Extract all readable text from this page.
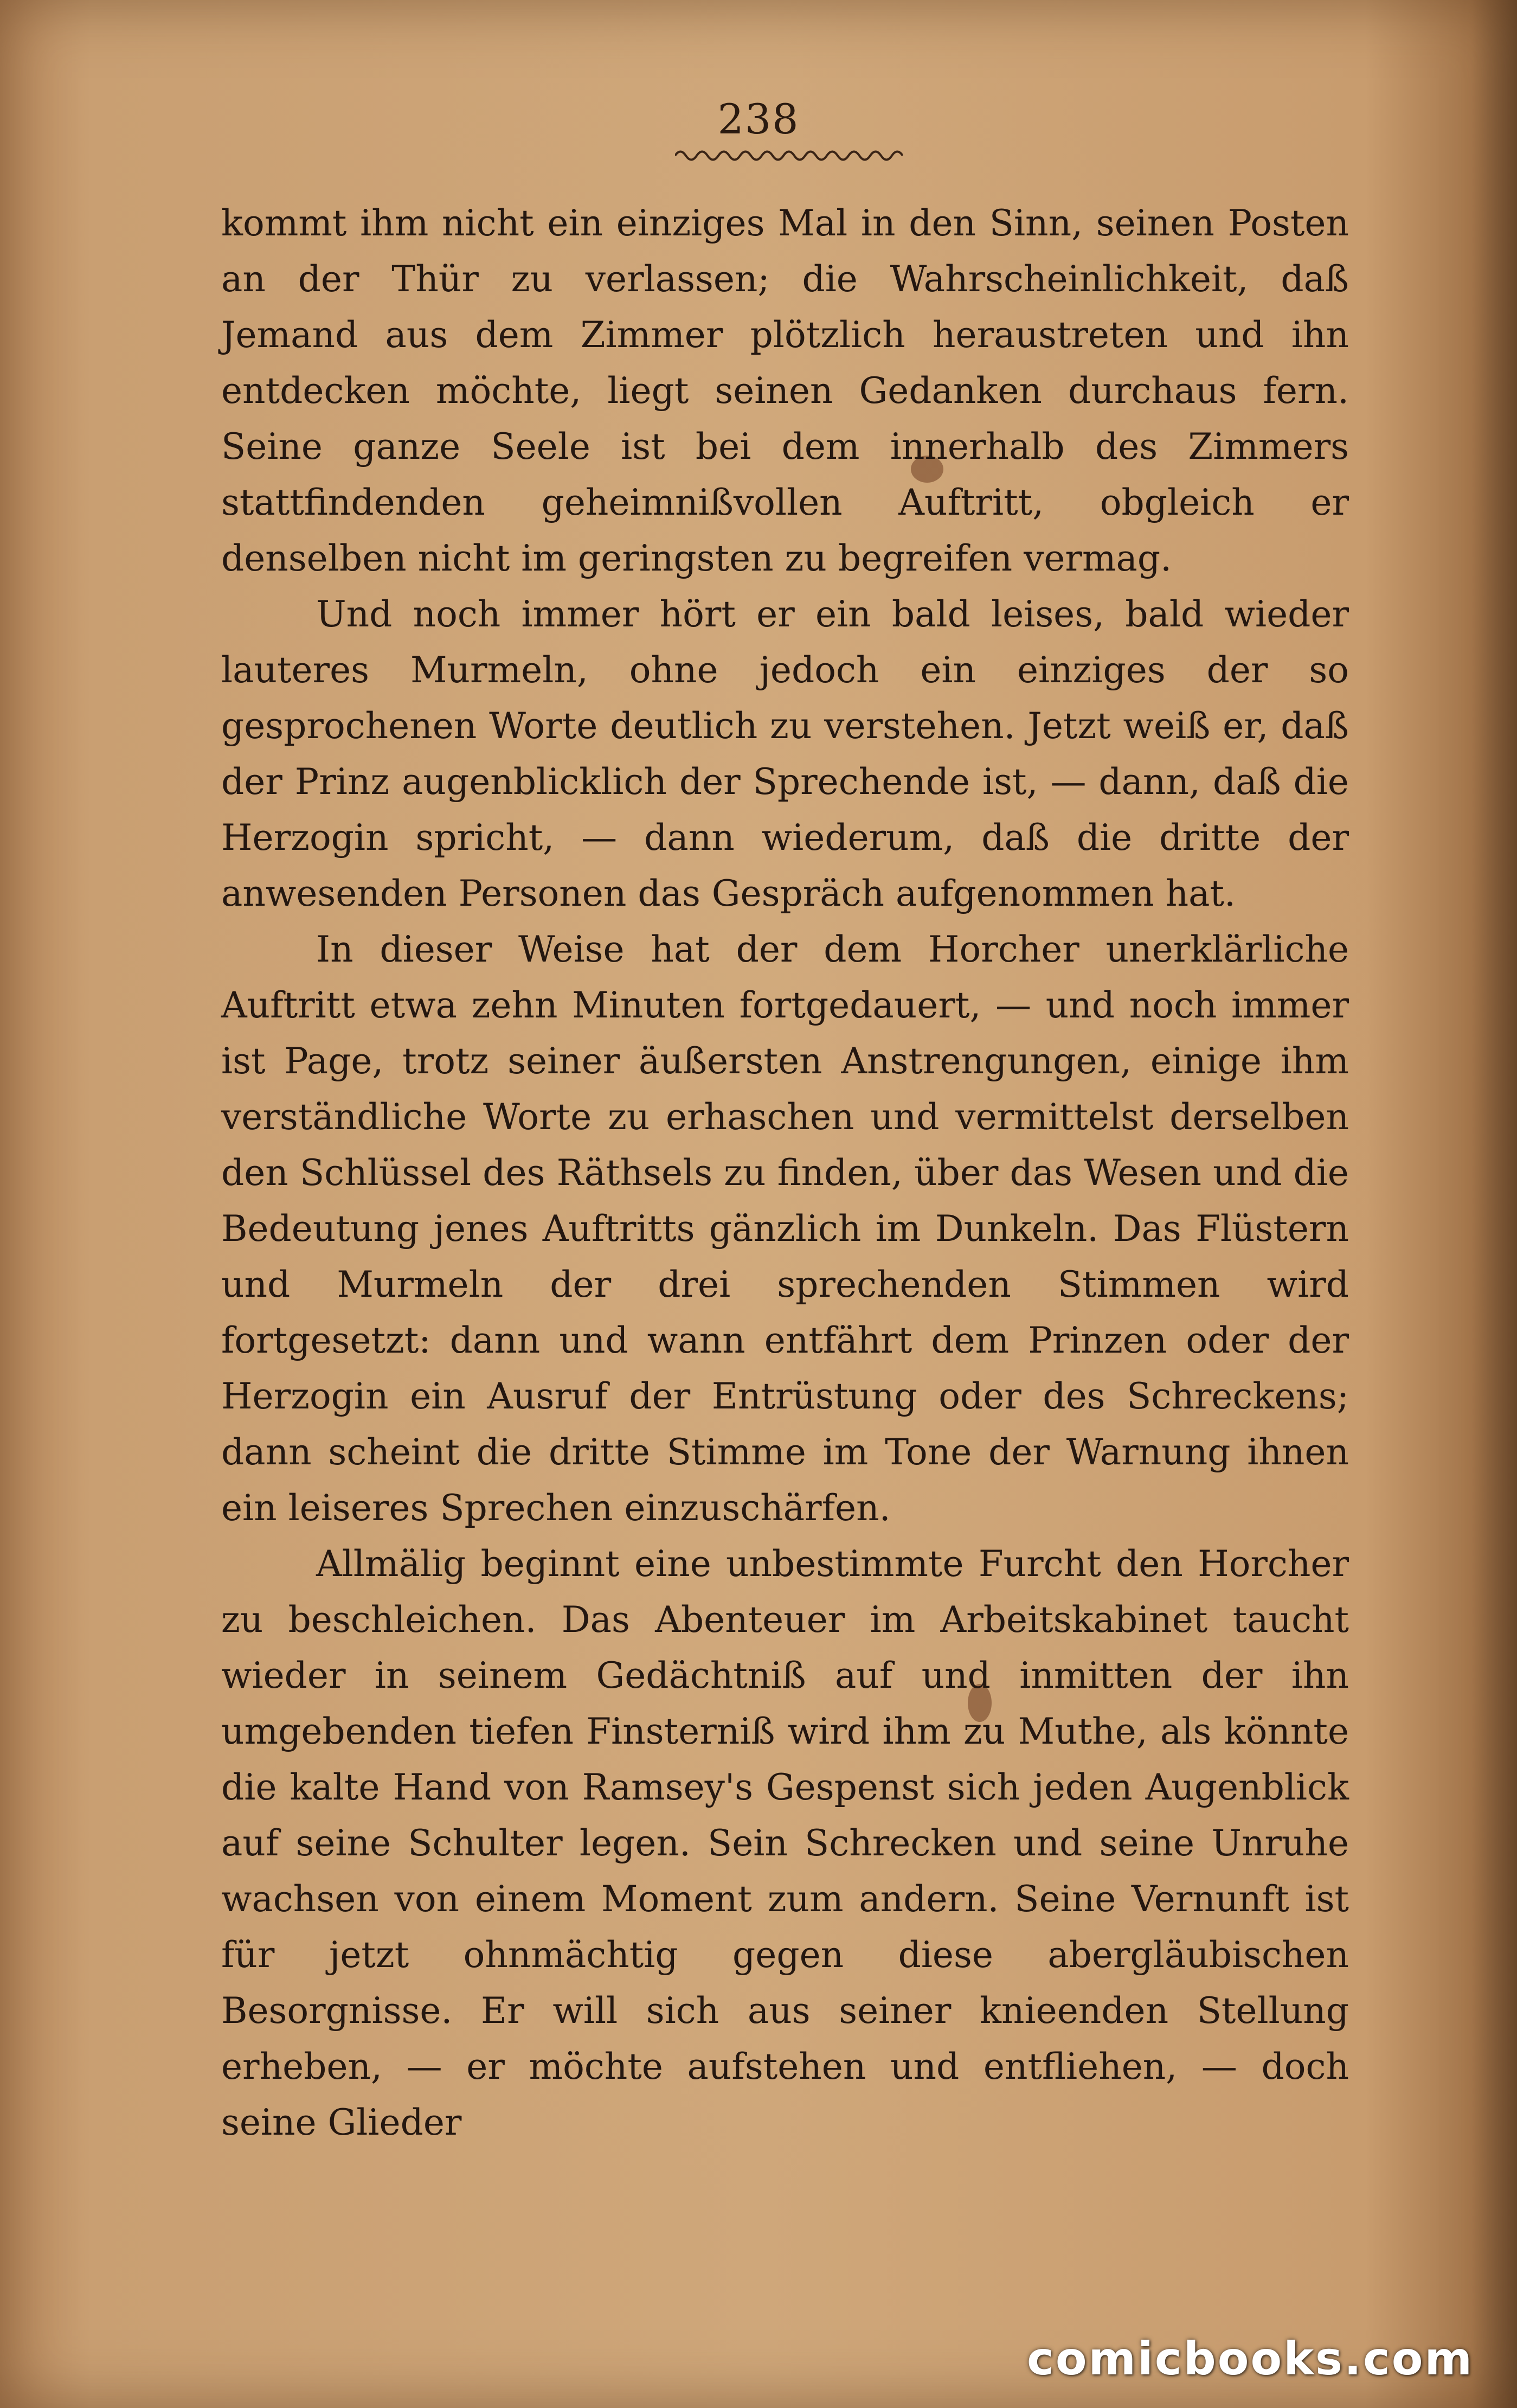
238

kommt ihm nicht ein einziges Mal in den Sinn, seinen Posten an der Thür zu verlassen; die Wahrscheinlichkeit, daß Jemand aus dem Zimmer plötzlich heraustreten und ihn entdecken möchte, liegt seinen Gedanken durchaus fern. Seine ganze Seele ist bei dem innerhalb des Zimmers stattfindenden geheimnißvollen Auftritt, obgleich er denselben nicht im geringsten zu begreifen vermag.

Und noch immer hört er ein bald leises, bald wieder lauteres Murmeln, ohne jedoch ein einziges der so gesprochenen Worte deutlich zu verstehen. Jetzt weiß er, daß der Prinz augenblicklich der Sprechende ist, — dann, daß die Herzogin spricht, — dann wiederum, daß die dritte der anwesenden Personen das Gespräch aufgenommen hat.

In dieser Weise hat der dem Horcher unerklärliche Auftritt etwa zehn Minuten fortgedauert, — und noch immer ist Page, trotz seiner äußersten Anstrengungen, einige ihm verständliche Worte zu erhaschen und vermittelst derselben den Schlüssel des Räthsels zu finden, über das Wesen und die Bedeutung jenes Auftritts gänzlich im Dunkeln. Das Flüstern und Murmeln der drei sprechenden Stimmen wird fortgesetzt: dann und wann entfährt dem Prinzen oder der Herzogin ein Ausruf der Entrüstung oder des Schreckens; dann scheint die dritte Stimme im Tone der Warnung ihnen ein leiseres Sprechen einzuschärfen.

Allmälig beginnt eine unbestimmte Furcht den Horcher zu beschleichen. Das Abenteuer im Arbeitskabinet taucht wieder in seinem Gedächtniß auf und inmitten der ihn umgebenden tiefen Finsterniß wird ihm zu Muthe, als könnte die kalte Hand von Ramsey's Gespenst sich jeden Augenblick auf seine Schulter legen. Sein Schrecken und seine Unruhe wachsen von einem Moment zum andern. Seine Vernunft ist für jetzt ohnmächtig gegen diese abergläubischen Besorgnisse. Er will sich aus seiner knieenden Stellung erheben, — er möchte aufstehen und entfliehen, — doch seine Glieder

comicbooks.com
